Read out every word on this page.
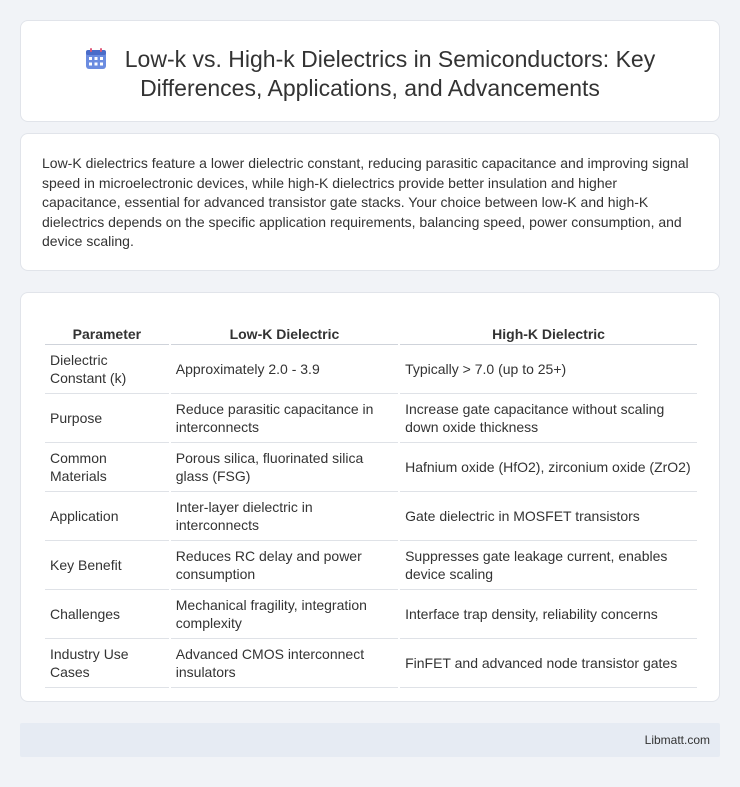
Low-k vs. High-k Dielectrics in Semiconductors: Key Differences, Applications, and Advancements

Low-K dielectrics feature a lower dielectric constant, reducing parasitic capacitance and improving signal speed in microelectronic devices, while high-K dielectrics provide better insulation and higher capacitance, essential for advanced transistor gate stacks. Your choice between low-K and high-K dielectrics depends on the specific application requirements, balancing speed, power consumption, and device scaling.

Parameter	Low-K Dielectric	High-K Dielectric
Dielectric Constant (k)	Approximately 2.0 - 3.9	Typically > 7.0 (up to 25+)
Purpose	Reduce parasitic capacitance in interconnects	Increase gate capacitance without scaling down oxide thickness
Common Materials	Porous silica, fluorinated silica glass (FSG)	Hafnium oxide (HfO2), zirconium oxide (ZrO2)
Application	Inter-layer dielectric in interconnects	Gate dielectric in MOSFET transistors
Key Benefit	Reduces RC delay and power consumption	Suppresses gate leakage current, enables device scaling
Challenges	Mechanical fragility, integration complexity	Interface trap density, reliability concerns
Industry Use Cases	Advanced CMOS interconnect insulators	FinFET and advanced node transistor gates
Libmatt.com
